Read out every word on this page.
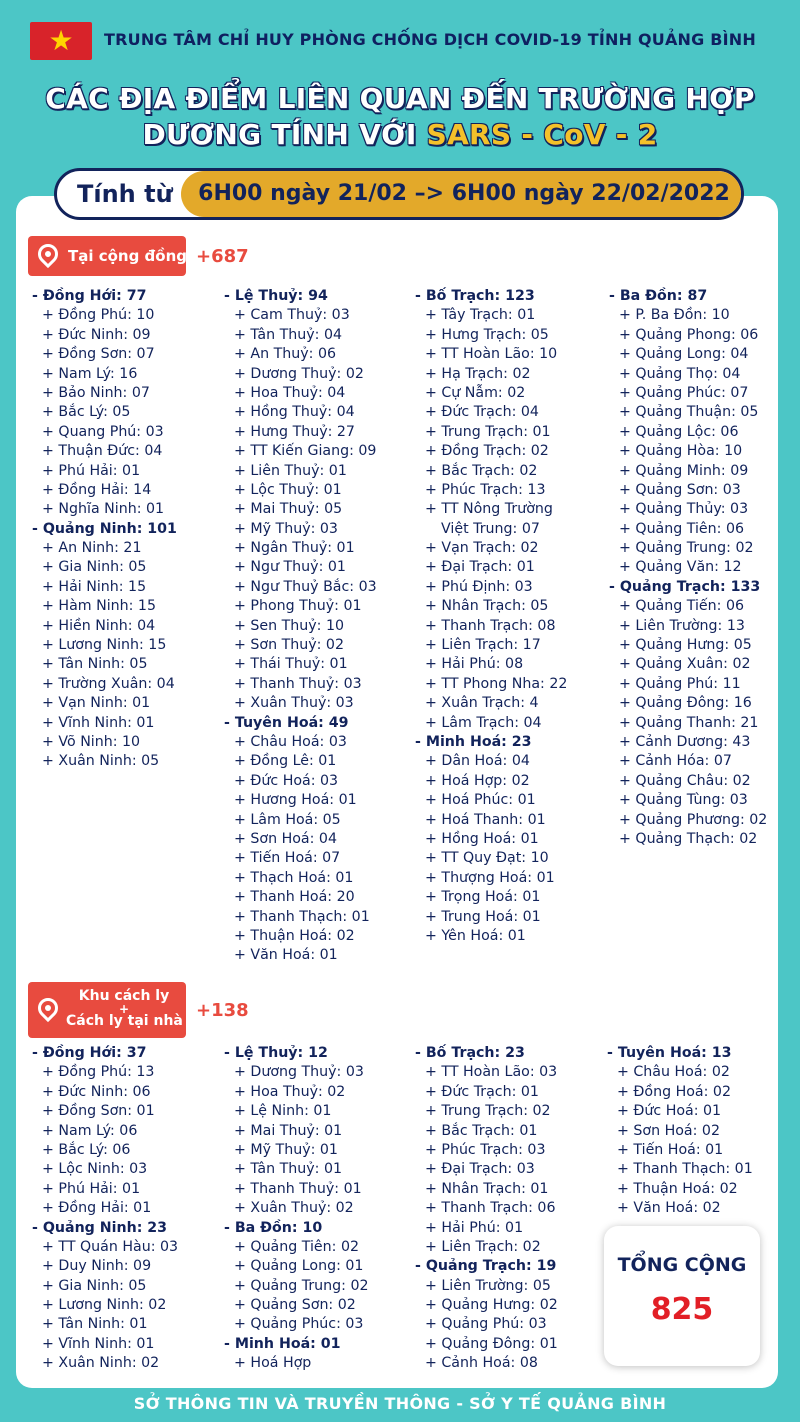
★	TRUNG TÂM CHỈ HUY PHÒNG CHỐNG DỊCH COVID-19 TỈNH QUẢNG BÌNH
CÁC ĐỊA ĐIỂM LIÊN QUAN ĐẾN TRƯỜNG HỢP
DƯƠNG TÍNH VỚI SARS - CoV - 2
Tính từ	6H00 ngày 21/02 –> 6H00 ngày 22/02/2022
Tại cộng đồng +687
- Đồng Hới: 77
+ Đồng Phú: 10
+ Đức Ninh: 09
+ Đồng Sơn: 07
+ Nam Lý: 16
+ Bảo Ninh: 07
+ Bắc Lý: 05
+ Quang Phú: 03
+ Thuận Đức: 04
+ Phú Hải: 01
+ Đồng Hải: 14
+ Nghĩa Ninh: 01
- Quảng Ninh: 101
+ An Ninh: 21
+ Gia Ninh: 05
+ Hải Ninh: 15
+ Hàm Ninh: 15
+ Hiền Ninh: 04
+ Lương Ninh: 15
+ Tân Ninh: 05
+ Trường Xuân: 04
+ Vạn Ninh: 01
+ Vĩnh Ninh: 01
+ Võ Ninh: 10
+ Xuân Ninh: 05
- Lệ Thuỷ: 94
+ Cam Thuỷ: 03
+ Tân Thuỷ: 04
+ An Thuỷ: 06
+ Dương Thuỷ: 02
+ Hoa Thuỷ: 04
+ Hồng Thuỷ: 04
+ Hưng Thuỷ: 27
+ TT Kiến Giang: 09
+ Liên Thuỷ: 01
+ Lộc Thuỷ: 01
+ Mai Thuỷ: 05
+ Mỹ Thuỷ: 03
+ Ngân Thuỷ: 01
+ Ngư Thuỷ: 01
+ Ngư Thuỷ Bắc: 03
+ Phong Thuỷ: 01
+ Sen Thuỷ: 10
+ Sơn Thuỷ: 02
+ Thái Thuỷ: 01
+ Thanh Thuỷ: 03
+ Xuân Thuỷ: 03
- Tuyên Hoá: 49
+ Châu Hoá: 03
+ Đồng Lê: 01
+ Đức Hoá: 03
+ Hương Hoá: 01
+ Lâm Hoá: 05
+ Sơn Hoá: 04
+ Tiến Hoá: 07
+ Thạch Hoá: 01
+ Thanh Hoá: 20
+ Thanh Thạch: 01
+ Thuận Hoá: 02
+ Văn Hoá: 01
- Bố Trạch: 123
+ Tây Trạch: 01
+ Hưng Trạch: 05
+ TT Hoàn Lão: 10
+ Hạ Trạch: 02
+ Cự Nẫm: 02
+ Đức Trạch: 04
+ Trung Trạch: 01
+ Đồng Trạch: 02
+ Bắc Trạch: 02
+ Phúc Trạch: 13
+ TT Nông Trường
Việt Trung: 07
+ Vạn Trạch: 02
+ Đại Trạch: 01
+ Phú Định: 03
+ Nhân Trạch: 05
+ Thanh Trạch: 08
+ Liên Trạch: 17
+ Hải Phú: 08
+ TT Phong Nha: 22
+ Xuân Trạch: 4
+ Lâm Trạch: 04
- Minh Hoá: 23
+ Dân Hoá: 04
+ Hoá Hợp: 02
+ Hoá Phúc: 01
+ Hoá Thanh: 01
+ Hồng Hoá: 01
+ TT Quy Đạt: 10
+ Thượng Hoá: 01
+ Trọng Hoá: 01
+ Trung Hoá: 01
+ Yên Hoá: 01
- Ba Đồn: 87
+ P. Ba Đồn: 10
+ Quảng Phong: 06
+ Quảng Long: 04
+ Quảng Thọ: 04
+ Quảng Phúc: 07
+ Quảng Thuận: 05
+ Quảng Lộc: 06
+ Quảng Hòa: 10
+ Quảng Minh: 09
+ Quảng Sơn: 03
+ Quảng Thủy: 03
+ Quảng Tiên: 06
+ Quảng Trung: 02
+ Quảng Văn: 12
- Quảng Trạch: 133
+ Quảng Tiến: 06
+ Liên Trường: 13
+ Quảng Hưng: 05
+ Quảng Xuân: 02
+ Quảng Phú: 11
+ Quảng Đông: 16
+ Quảng Thanh: 21
+ Cảnh Dương: 43
+ Cảnh Hóa: 07
+ Quảng Châu: 02
+ Quảng Tùng: 03
+ Quảng Phương: 02
+ Quảng Thạch: 02
Khu cách ly
+
Cách ly tại nhà +138
- Đồng Hới: 37
+ Đồng Phú: 13
+ Đức Ninh: 06
+ Đồng Sơn: 01
+ Nam Lý: 06
+ Bắc Lý: 06
+ Lộc Ninh: 03
+ Phú Hải: 01
+ Đồng Hải: 01
- Quảng Ninh: 23
+ TT Quán Hàu: 03
+ Duy Ninh: 09
+ Gia Ninh: 05
+ Lương Ninh: 02
+ Tân Ninh: 01
+ Vĩnh Ninh: 01
+ Xuân Ninh: 02
- Lệ Thuỷ: 12
+ Dương Thuỷ: 03
+ Hoa Thuỷ: 02
+ Lệ Ninh: 01
+ Mai Thuỷ: 01
+ Mỹ Thuỷ: 01
+ Tân Thuỷ: 01
+ Thanh Thuỷ: 01
+ Xuân Thuỷ: 02
- Ba Đồn: 10
+ Quảng Tiên: 02
+ Quảng Long: 01
+ Quảng Trung: 02
+ Quảng Sơn: 02
+ Quảng Phúc: 03
- Minh Hoá: 01
+ Hoá Hợp
- Bố Trạch: 23
+ TT Hoàn Lão: 03
+ Đức Trạch: 01
+ Trung Trạch: 02
+ Bắc Trạch: 01
+ Phúc Trạch: 03
+ Đại Trạch: 03
+ Nhân Trạch: 01
+ Thanh Trạch: 06
+ Hải Phú: 01
+ Liên Trạch: 02
- Quảng Trạch: 19
+ Liên Trường: 05
+ Quảng Hưng: 02
+ Quảng Phú: 03
+ Quảng Đông: 01
+ Cảnh Hoá: 08
- Tuyên Hoá: 13
+ Châu Hoá: 02
+ Đồng Hoá: 02
+ Đức Hoá: 01
+ Sơn Hoá: 02
+ Tiến Hoá: 01
+ Thanh Thạch: 01
+ Thuận Hoá: 02
+ Văn Hoá: 02
TỔNG CỘNG
825
SỞ THÔNG TIN VÀ TRUYỀN THÔNG - SỞ Y TẾ QUẢNG BÌNH
